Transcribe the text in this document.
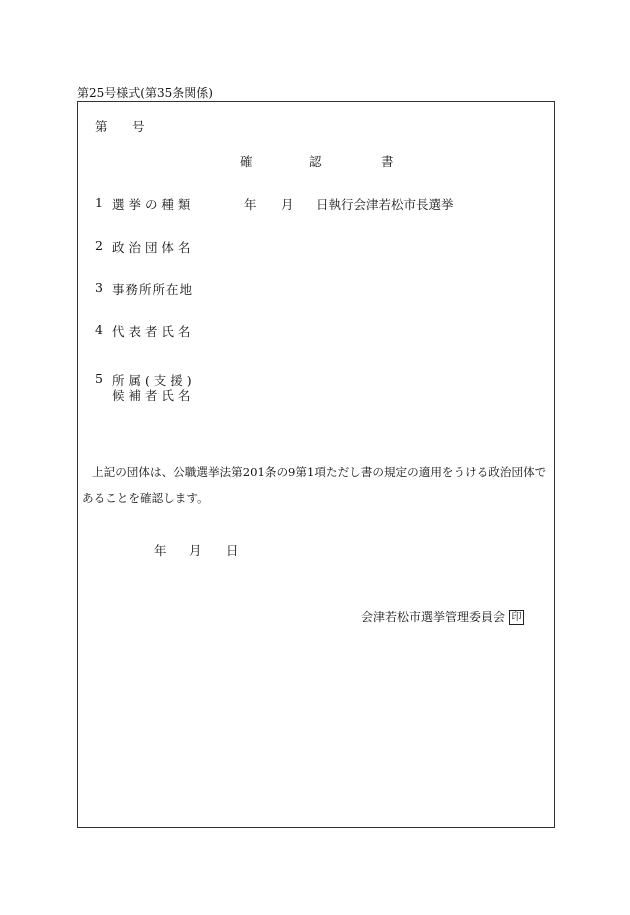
第25号様式(第35条関係)
第 号
確	認	書
1 選 挙 の 種 類	年 月 日執行会津若松市長選挙
2 政 治 団 体 名
3 事務所所在地
4 代 表 者 氏 名
5 所 属 ( 支 援 )
候 補 者 氏 名
上記の団体は、公職選挙法第201条の9第1項ただし書の規定の適用をうける政治団体で
あることを確認します。
年 月 日
会津若松市選挙管理委員会 印
